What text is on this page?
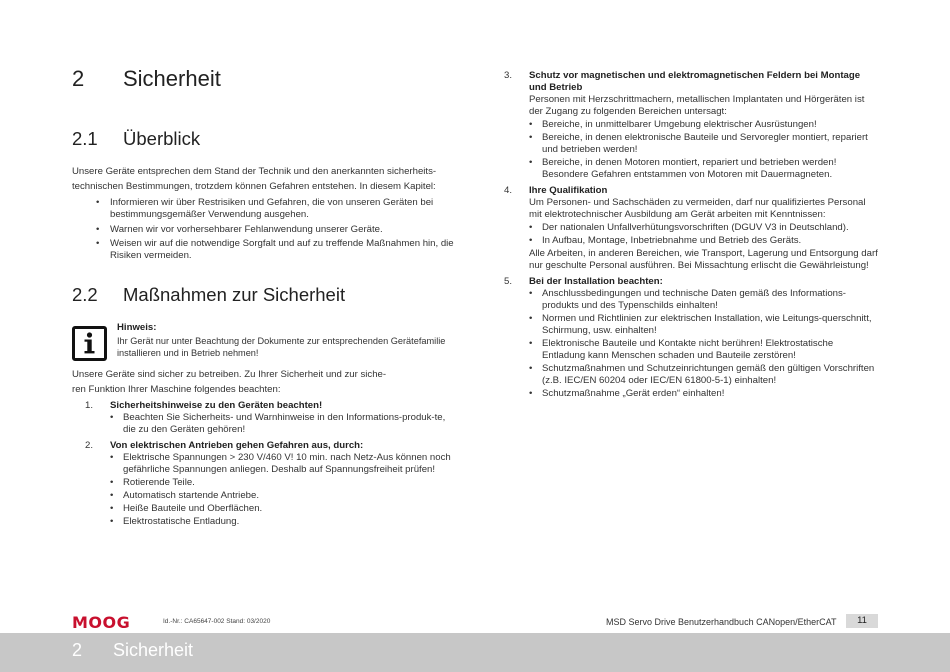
2 Sicherheit
2.1 Überblick
Unsere Geräte entsprechen dem Stand der Technik und den anerkannten sicherheits-
technischen Bestimmungen, trotzdem können Gefahren entstehen. In diesem Kapitel:
• Informieren wir über Restrisiken und Gefahren, die von unseren Geräten bei bestimmungsgemäßer Verwendung ausgehen.
• Warnen wir vor vorhersehbarer Fehlanwendung unserer Geräte.
• Weisen wir auf die notwendige Sorgfalt und auf zu treffende Maßnahmen hin, die Risiken vermeiden.
2.2 Maßnahmen zur Sicherheit
Hinweis:
Ihr Gerät nur unter Beachtung der Dokumente zur entsprechenden Gerätefamilie installieren und in Betrieb nehmen!
Unsere Geräte sind sicher zu betreiben. Zu Ihrer Sicherheit und zur siche-
ren Funktion Ihrer Maschine folgendes beachten:
1. Sicherheitshinweise zu den Geräten beachten!
• Beachten Sie Sicherheits- und Warnhinweise in den Informations-produk-te, die zu den Geräten gehören!
2. Von elektrischen Antrieben gehen Gefahren aus, durch:
• Elektrische Spannungen > 230 V/460 V! 10 min. nach Netz-Aus können noch gefährliche Spannungen anliegen. Deshalb auf Spannungsfreiheit prüfen!
• Rotierende Teile.
• Automatisch startende Antriebe.
• Heiße Bauteile und Oberflächen.
• Elektrostatische Entladung.
3. Schutz vor magnetischen und elektromagnetischen Feldern bei Montage und Betrieb
Personen mit Herzschrittmachern, metallischen Implantaten und Hörgeräten ist der Zugang zu folgenden Bereichen untersagt:
• Bereiche, in unmittelbarer Umgebung elektrischer Ausrüstungen!
• Bereiche, in denen elektronische Bauteile und Servoregler montiert, repariert und betrieben werden!
• Bereiche, in denen Motoren montiert, repariert und betrieben werden! Besondere Gefahren entstammen von Motoren mit Dauermagneten.
4. Ihre Qualifikation
Um Personen- und Sachschäden zu vermeiden, darf nur qualifiziertes Personal mit elektrotechnischer Ausbildung am Gerät arbeiten mit Kenntnissen:
• Der nationalen Unfallverhütungsvorschriften (DGUV V3 in Deutschland).
• In Aufbau, Montage, Inbetriebnahme und Betrieb des Geräts.
Alle Arbeiten, in anderen Bereichen, wie Transport, Lagerung und Entsorgung darf nur geschulte Personal ausführen. Bei Missachtung erlischt die Gewährleistung!
5. Bei der Installation beachten:
• Anschlussbedingungen und technische Daten gemäß des Informations-produkts und des Typenschilds einhalten!
• Normen und Richtlinien zur elektrischen Installation, wie Leitungs-querschnitt, Schirmung, usw. einhalten!
• Elektronische Bauteile und Kontakte nicht berühren! Elektrostatische Entladung kann Menschen schaden und Bauteile zerstören!
• Schutzmaßnahmen und Schutzeinrichtungen gemäß den gültigen Vorschriften (z.B. IEC/EN 60204 oder IEC/EN 61800-5-1) einhalten!
• Schutzmaßnahme „Gerät erden“ einhalten!
MOOG	Id.-Nr.: CA65647-002 Stand: 03/2020	MSD Servo Drive Benutzerhandbuch CANopen/EtherCAT	11
2 Sicherheit
